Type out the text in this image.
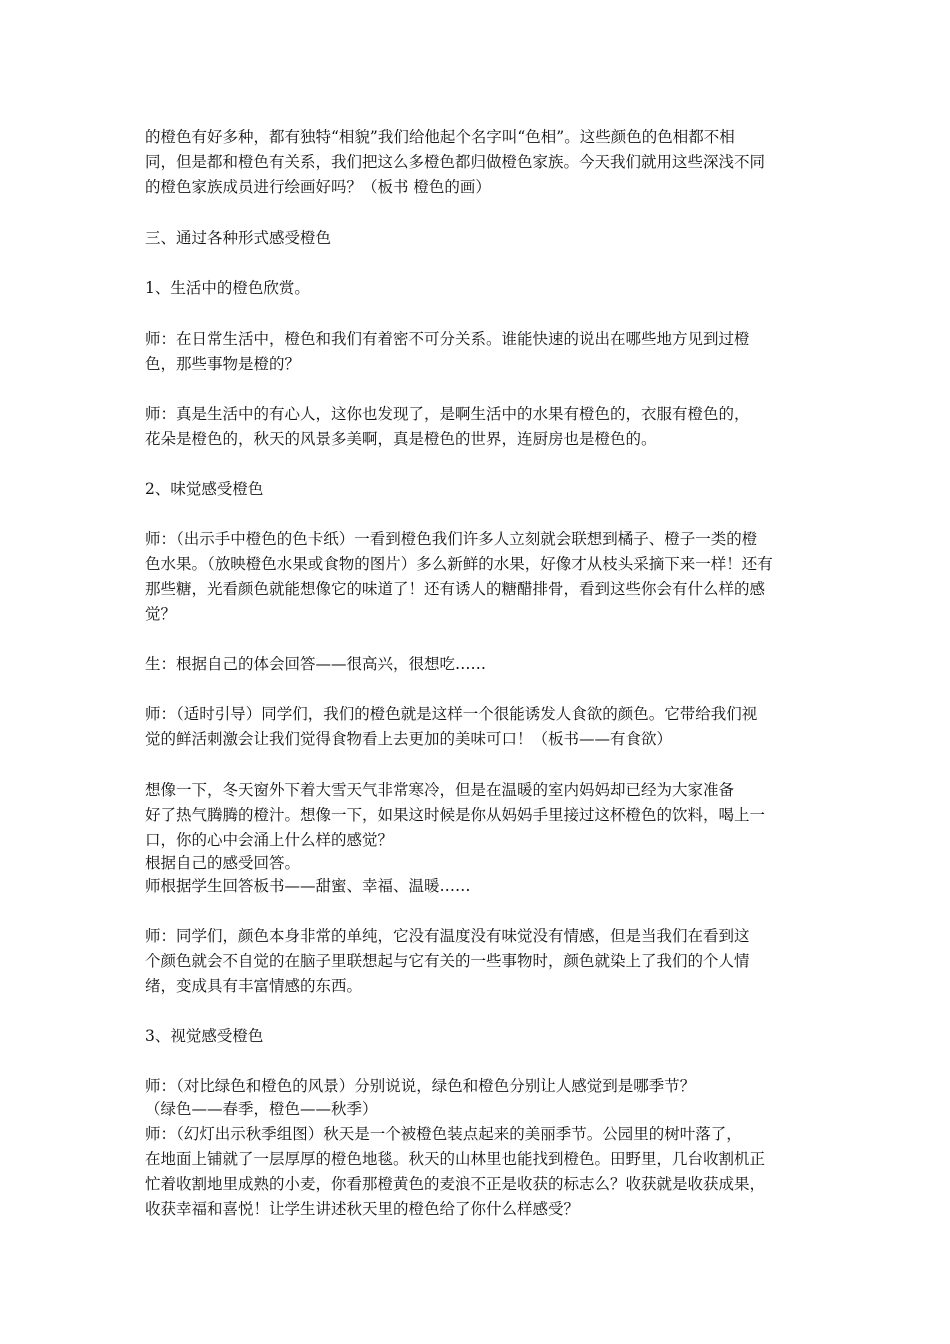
的橙色有好多种，都有独特“相貌”我们给他起个名字叫“色相”。这些颜色的色相都不相
同，但是都和橙色有关系，我们把这么多橙色都归做橙色家族。今天我们就用这些深浅不同
的橙色家族成员进行绘画好吗？（板书 橙色的画）
三、通过各种形式感受橙色
1、生活中的橙色欣赏。
师：在日常生活中，橙色和我们有着密不可分关系。谁能快速的说出在哪些地方见到过橙
色，那些事物是橙的？
师：真是生活中的有心人，这你也发现了，是啊生活中的水果有橙色的，衣服有橙色的，
花朵是橙色的，秋天的风景多美啊，真是橙色的世界，连厨房也是橙色的。
2、味觉感受橙色
师：（出示手中橙色的色卡纸）一看到橙色我们许多人立刻就会联想到橘子、橙子一类的橙
色水果。（放映橙色水果或食物的图片）多么新鲜的水果，好像才从枝头采摘下来一样！还有
那些糖，光看颜色就能想像它的味道了！还有诱人的糖醋排骨，看到这些你会有什么样的感
觉？
生：根据自己的体会回答——很高兴，很想吃……
师：（适时引导）同学们，我们的橙色就是这样一个很能诱发人食欲的颜色。它带给我们视
觉的鲜活刺激会让我们觉得食物看上去更加的美味可口！（板书——有食欲）
想像一下，冬天窗外下着大雪天气非常寒冷，但是在温暖的室内妈妈却已经为大家准备
好了热气腾腾的橙汁。想像一下，如果这时候是你从妈妈手里接过这杯橙色的饮料，喝上一
口，你的心中会涌上什么样的感觉？
根据自己的感受回答。
师根据学生回答板书——甜蜜、幸福、温暖……
师：同学们，颜色本身非常的单纯，它没有温度没有味觉没有情感，但是当我们在看到这
个颜色就会不自觉的在脑子里联想起与它有关的一些事物时，颜色就染上了我们的个人情
绪，变成具有丰富情感的东西。
3、视觉感受橙色
师：（对比绿色和橙色的风景）分别说说，绿色和橙色分别让人感觉到是哪季节？
（绿色——春季，橙色——秋季）
师：（幻灯出示秋季组图）秋天是一个被橙色装点起来的美丽季节。公园里的树叶落了，
在地面上铺就了一层厚厚的橙色地毯。秋天的山林里也能找到橙色。田野里，几台收割机正
忙着收割地里成熟的小麦，你看那橙黄色的麦浪不正是收获的标志么？收获就是收获成果，
收获幸福和喜悦！让学生讲述秋天里的橙色给了你什么样感受？
